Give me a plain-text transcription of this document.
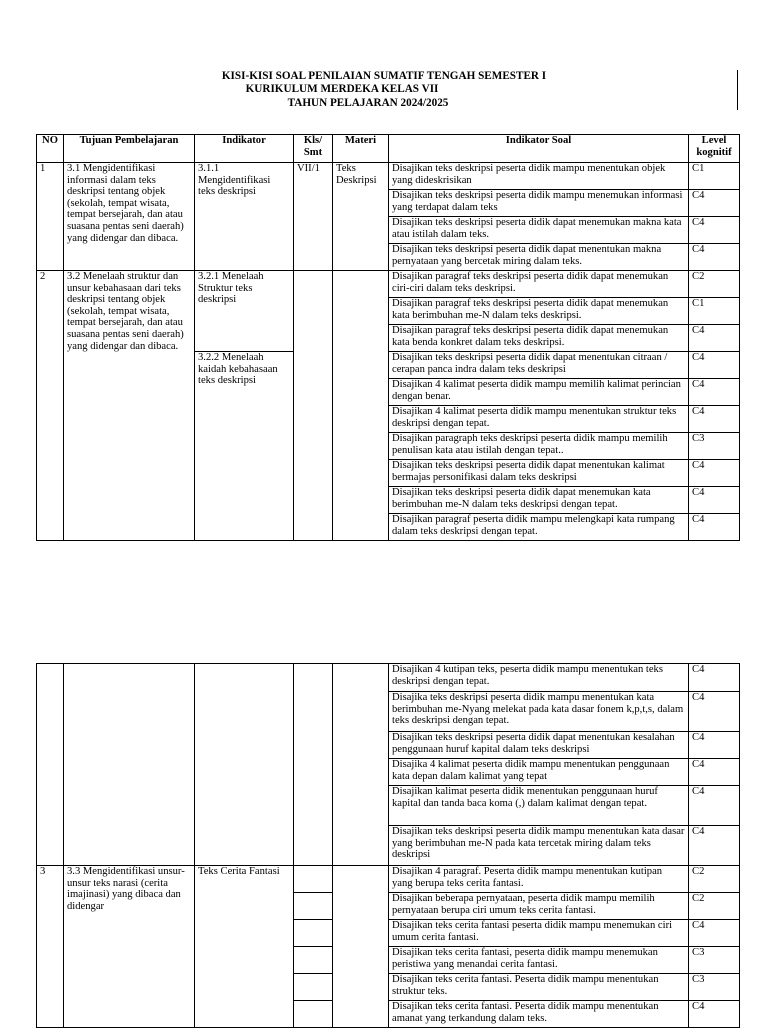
KISI-KISI SOAL PENILAIAN SUMATIF TENGAH SEMESTER I
KURIKULUM MERDEKA KELAS VII
TAHUN PELAJARAN 2024/2025
NO	Tujuan Pembelajaran	Indikator	Kls/ Smt	Materi	Indikator Soal	Level kognitif
1	3.1 Mengidentifikasi informasi dalam teks deskripsi tentang objek (sekolah, tempat wisata, tempat bersejarah, dan atau suasana pentas seni daerah) yang didengar dan dibaca.	3.1.1 Mengidentifikasi teks deskripsi	VII/1	Teks Deskripsi	Disajikan teks deskripsi peserta didik mampu menentukan objek yang dideskrisikan	C1
					Disajikan teks deskripsi peserta didik mampu menemukan informasi yang terdapat dalam teks	C4
					Disajikan teks deskripsi peserta didik dapat menemukan makna kata atau istilah dalam teks.	C4
					Disajikan teks deskripsi peserta didik dapat menentukan makna pernyataan yang bercetak miring dalam teks.	C4
2	3.2 Menelaah struktur dan unsur kebahasaan dari teks deskripsi tentang objek (sekolah, tempat wisata, tempat bersejarah, dan atau suasana pentas seni daerah) yang didengar dan dibaca.	3.2.1 Menelaah Struktur teks deskripsi			Disajikan paragraf teks deskripsi peserta didik dapat menemukan ciri-ciri dalam teks deskripsi.	C2
					Disajikan paragraf teks deskripsi peserta didik dapat menemukan kata berimbuhan me-N dalam teks deskripsi.	C1
					Disajikan paragraf teks deskripsi peserta didik dapat menemukan kata benda konkret dalam teks deskripsi.	C4
		3.2.2 Menelaah kaidah kebahasaan teks deskripsi			Disajikan teks deskripsi peserta didik dapat menentukan citraan / cerapan panca indra dalam teks deskripsi	C4
					Disajikan 4 kalimat peserta didik mampu memilih kalimat perincian dengan benar.	C4
					Disajikan 4 kalimat peserta didik mampu menentukan struktur teks deskripsi dengan tepat.	C4
					Disajikan paragraph teks deskripsi peserta didik mampu memilih penulisan kata atau istilah dengan tepat..	C3
					Disajikan teks deskripsi peserta didik dapat menentukan kalimat bermajas personifikasi dalam teks deskripsi	C4
					Disajikan teks deskripsi peserta didik dapat menemukan kata berimbuhan me-N dalam teks deskripsi dengan tepat.	C4
					Disajikan paragraf peserta didik mampu melengkapi kata rumpang dalam teks deskripsi dengan tepat.	C4
					Disajikan 4 kutipan teks, peserta didik mampu menentukan teks deskripsi dengan tepat.	C4
					Disajika teks deskripsi peserta didik mampu menentukan kata berimbuhan me-Nyang melekat pada kata dasar fonem k,p,t,s, dalam teks deskripsi dengan tepat.	C4
					Disajikan teks deskripsi peserta didik dapat menentukan kesalahan penggunaan huruf kapital dalam teks deskripsi	C4
					Disajika 4 kalimat peserta didik mampu menentukan penggunaan kata depan dalam kalimat yang tepat	C4
					Disajikan kalimat peserta didik menentukan penggunaan huruf kapital dan tanda baca koma (,) dalam kalimat dengan tepat.	C4
					Disajikan teks deskripsi peserta didik mampu menentukan kata dasar yang berimbuhan me-N pada kata tercetak miring dalam teks deskripsi	C4
3	3.3 Mengidentifikasi unsur-unsur teks narasi (cerita imajinasi) yang dibaca dan didengar	Teks Cerita Fantasi			Disajikan 4 paragraf. Peserta didik mampu menentukan kutipan yang berupa teks cerita fantasi.	C2
					Disajikan beberapa pernyataan, peserta didik mampu memilih pernyataan berupa ciri umum teks cerita fantasi.	C2
					Disajikan teks cerita fantasi peserta didik mampu menemukan ciri umum cerita fantasi.	C4
					Disajikan teks cerita fantasi, peserta didik mampu menemukan peristiwa yang menandai cerita fantasi.	C3
					Disajikan teks cerita fantasi. Peserta didik mampu menentukan struktur teks.	C3
					Disajikan teks cerita fantasi. Peserta didik mampu menentukan amanat yang terkandung dalam teks.	C4
